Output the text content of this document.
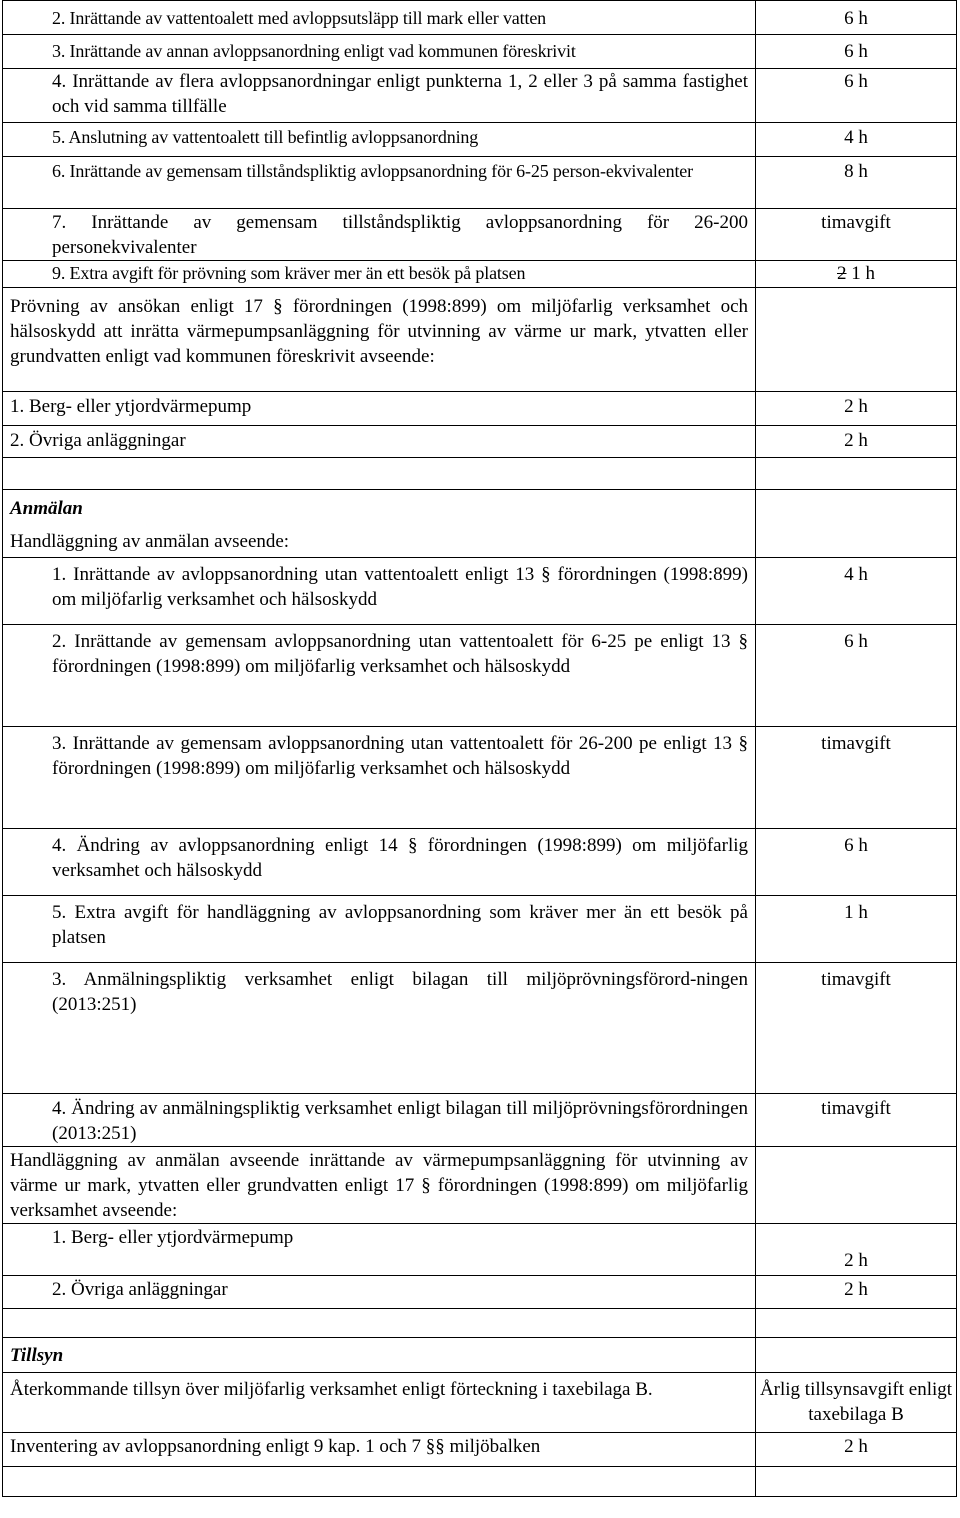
2. Inrättande av vattentoalett med avloppsutsläpp till mark eller vatten	6 h
3. Inrättande av annan avloppsanordning enligt vad kommunen föreskrivit	6 h
4. Inrättande av flera avloppsanordningar enligt punkterna 1, 2 eller 3 på samma fastighet och vid samma tillfälle	6 h
5. Anslutning av vattentoalett till befintlig avloppsanordning	4 h
6. Inrättande av gemensam tillståndspliktig avloppsanordning för 6-25 person-ekvivalenter	8 h
7. Inrättande av gemensam tillståndspliktig avloppsanordning för 26-200 personekvivalenter	timavgift
9. Extra avgift för prövning som kräver mer än ett besök på platsen	2 1 h
Prövning av ansökan enligt 17 § förordningen (1998:899) om miljöfarlig verksamhet och hälsoskydd att inrätta värmepumpsanläggning för utvinning av värme ur mark, ytvatten eller grundvatten enligt vad kommunen föreskrivit avseende:	
1. Berg- eller ytjordvärmepump	2 h
2. Övriga anläggningar	2 h

Anmälan
Handläggning av anmälan avseende:	

1. Inrättande av avloppsanordning utan vattentoalett enligt 13 § förordningen (1998:899) om miljöfarlig verksamhet och hälsoskydd	4 h
2. Inrättande av gemensam avloppsanordning utan vattentoalett för 6-25 pe enligt 13 § förordningen (1998:899) om miljöfarlig verksamhet och hälsoskydd	6 h
3. Inrättande av gemensam avloppsanordning utan vattentoalett för 26-200 pe enligt 13 § förordningen (1998:899) om miljöfarlig verksamhet och hälsoskydd	timavgift
4. Ändring av avloppsanordning enligt 14 § förordningen (1998:899) om miljöfarlig verksamhet och hälsoskydd	6 h
5. Extra avgift för handläggning av avloppsanordning som kräver mer än ett besök på platsen	1 h
3. Anmälningspliktig verksamhet enligt bilagan till miljöprövningsförord-ningen (2013:251)	timavgift
4. Ändring av anmälningspliktig verksamhet enligt bilagan till miljöprövningsförordningen (2013:251)	timavgift
Handläggning av anmälan avseende inrättande av värmepumpsanläggning för utvinning av värme ur mark, ytvatten eller grundvatten enligt 17 § förordningen (1998:899) om miljöfarlig verksamhet avseende:	
1. Berg- eller ytjordvärmepump	2 h
2. Övriga anläggningar	2 h

Tillsyn	
Återkommande tillsyn över miljöfarlig verksamhet enligt förteckning i taxebilaga B.	Årlig tillsynsavgift enligt taxebilaga B
Inventering av avloppsanordning enligt 9 kap. 1 och 7 §§ miljöbalken	2 h
